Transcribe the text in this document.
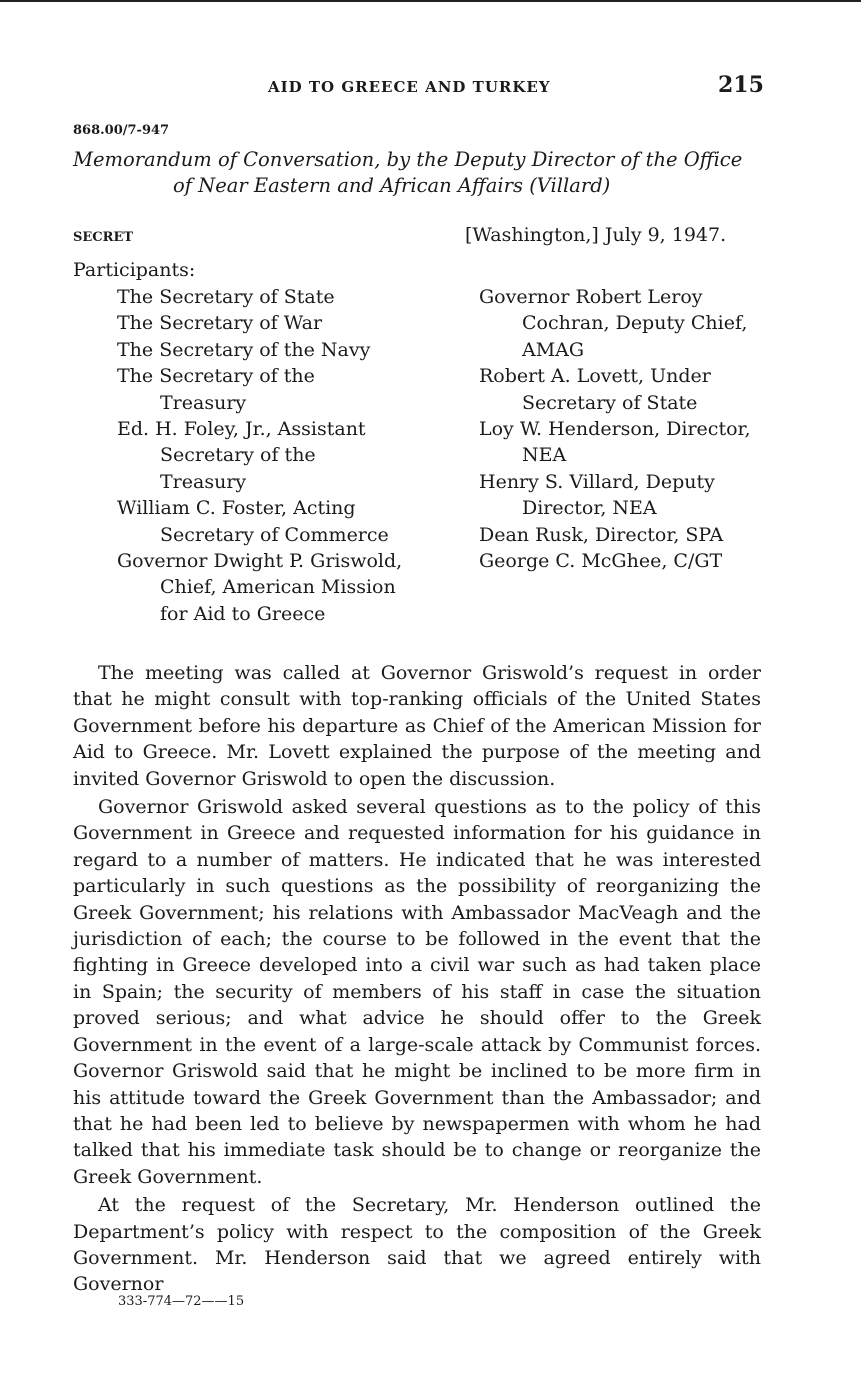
AID TO GREECE AND TURKEY	215
868.00/7-947
Memorandum of Conversation, by the Deputy Director of the Office
of Near Eastern and African Affairs (Villard)
SECRET	[Washington,] July 9, 1947.
Participants:
The Secretary of State
The Secretary of War
The Secretary of the Navy
The Secretary of the Treasury
Ed. H. Foley, Jr., Assistant Secretary of the Treasury
William C. Foster, Acting Secretary of Commerce
Governor Dwight P. Griswold, Chief, American Mission for Aid to Greece
Governor Robert Leroy Cochran, Deputy Chief, AMAG
Robert A. Lovett, Under Secretary of State
Loy W. Henderson, Director, NEA
Henry S. Villard, Deputy Director, NEA
Dean Rusk, Director, SPA
George C. McGhee, C/GT

The meeting was called at Governor Griswold’s request in order that he might consult with top-ranking officials of the United States Government before his departure as Chief of the American Mission for Aid to Greece. Mr. Lovett explained the purpose of the meeting and invited Governor Griswold to open the discussion.

Governor Griswold asked several questions as to the policy of this Government in Greece and requested information for his guidance in regard to a number of matters. He indicated that he was interested particularly in such questions as the possibility of reorganizing the Greek Government; his relations with Ambassador MacVeagh and the jurisdiction of each; the course to be followed in the event that the fighting in Greece developed into a civil war such as had taken place in Spain; the security of members of his staff in case the situation proved serious; and what advice he should offer to the Greek Government in the event of a large-scale attack by Communist forces. Governor Griswold said that he might be inclined to be more firm in his attitude toward the Greek Government than the Ambassador; and that he had been led to believe by newspapermen with whom he had talked that his immediate task should be to change or reorganize the Greek Government.

At the request of the Secretary, Mr. Henderson outlined the Department’s policy with respect to the composition of the Greek Government. Mr. Henderson said that we agreed entirely with Governor

333-774—72——15
